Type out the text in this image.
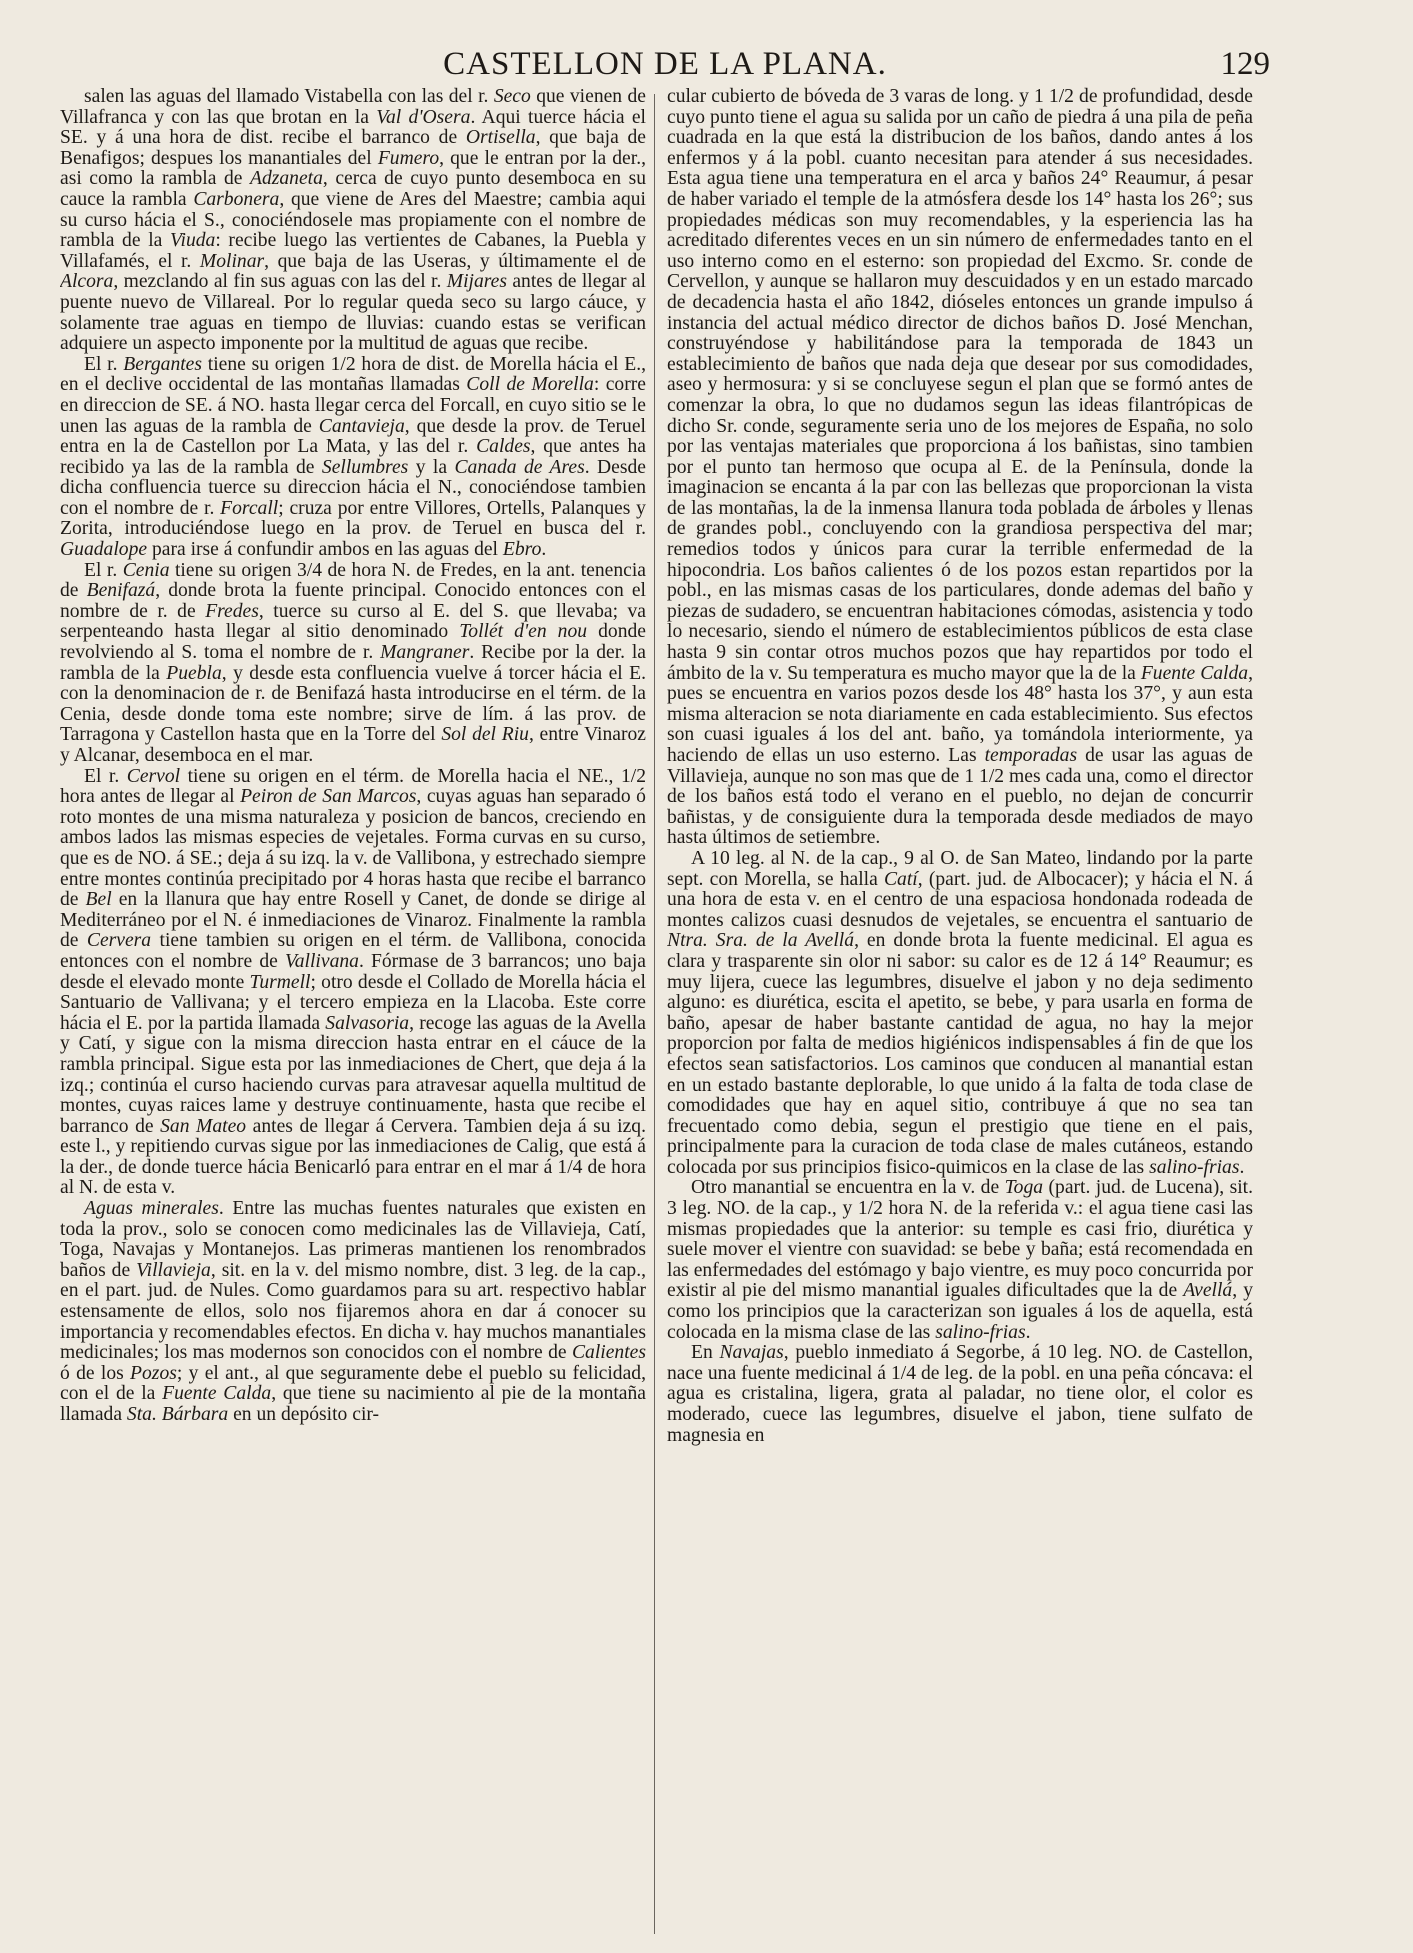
CASTELLON DE LA PLANA.	129

salen las aguas del llamado Vistabella con las del r. Seco que vienen de Villafranca y con las que brotan en la Val d'Osera. Aqui tuerce hácia el SE. y á una hora de dist. recibe el barranco de Ortisella, que baja de Benafigos; despues los manantiales del Fumero, que le entran por la der., asi como la rambla de Adzaneta, cerca de cuyo punto desemboca en su cauce la rambla Carbonera, que viene de Ares del Maestre; cambia aqui su curso hácia el S., conociéndosele mas propiamente con el nombre de rambla de la Viuda: recibe luego las vertientes de Cabanes, la Puebla y Villafamés, el r. Molinar, que baja de las Useras, y últimamente el de Alcora, mezclando al fin sus aguas con las del r. Mijares antes de llegar al puente nuevo de Villareal. Por lo regular queda seco su largo cáuce, y solamente trae aguas en tiempo de lluvias: cuando estas se verifican adquiere un aspecto imponente por la multitud de aguas que recibe.

El r. Bergantes tiene su origen 1/2 hora de dist. de Morella hácia el E., en el declive occidental de las montañas llamadas Coll de Morella: corre en direccion de SE. á NO. hasta llegar cerca del Forcall, en cuyo sitio se le unen las aguas de la rambla de Cantavieja, que desde la prov. de Teruel entra en la de Castellon por La Mata, y las del r. Caldes, que antes ha recibido ya las de la rambla de Sellumbres y la Canada de Ares. Desde dicha confluencia tuerce su direccion hácia el N., conociéndose tambien con el nombre de r. Forcall; cruza por entre Villores, Ortells, Palanques y Zorita, introduciéndose luego en la prov. de Teruel en busca del r. Guadalope para irse á confundir ambos en las aguas del Ebro.

El r. Cenia tiene su origen 3/4 de hora N. de Fredes, en la ant. tenencia de Benifazá, donde brota la fuente principal. Conocido entonces con el nombre de r. de Fredes, tuerce su curso al E. del S. que llevaba; va serpenteando hasta llegar al sitio denominado Tollét d'en nou donde revolviendo al S. toma el nombre de r. Mangraner. Recibe por la der. la rambla de la Puebla, y desde esta confluencia vuelve á torcer hácia el E. con la denominacion de r. de Benifazá hasta introducirse en el térm. de la Cenia, desde donde toma este nombre; sirve de lím. á las prov. de Tarragona y Castellon hasta que en la Torre del Sol del Riu, entre Vinaroz y Alcanar, desemboca en el mar.

El r. Cervol tiene su origen en el térm. de Morella hacia el NE., 1/2 hora antes de llegar al Peiron de San Marcos, cuyas aguas han separado ó roto montes de una misma naturaleza y posicion de bancos, creciendo en ambos lados las mismas especies de vejetales. Forma curvas en su curso, que es de NO. á SE.; deja á su izq. la v. de Vallibona, y estrechado siempre entre montes continúa precipitado por 4 horas hasta que recibe el barranco de Bel en la llanura que hay entre Rosell y Canet, de donde se dirige al Mediterráneo por el N. é inmediaciones de Vinaroz. Finalmente la rambla de Cervera tiene tambien su origen en el térm. de Vallibona, conocida entonces con el nombre de Vallivana. Fórmase de 3 barrancos; uno baja desde el elevado monte Turmell; otro desde el Collado de Morella hácia el Santuario de Vallivana; y el tercero empieza en la Llacoba. Este corre hácia el E. por la partida llamada Salvasoria, recoge las aguas de la Avella y Catí, y sigue con la misma direccion hasta entrar en el cáuce de la rambla principal. Sigue esta por las inmediaciones de Chert, que deja á la izq.; continúa el curso haciendo curvas para atravesar aquella multitud de montes, cuyas raices lame y destruye continuamente, hasta que recibe el barranco de San Mateo antes de llegar á Cervera. Tambien deja á su izq. este l., y repitiendo curvas sigue por las inmediaciones de Calig, que está á la der., de donde tuerce hácia Benicarló para entrar en el mar á 1/4 de hora al N. de esta v.

Aguas minerales. Entre las muchas fuentes naturales que existen en toda la prov., solo se conocen como medicinales las de Villavieja, Catí, Toga, Navajas y Montanejos. Las primeras mantienen los renombrados baños de Villavieja, sit. en la v. del mismo nombre, dist. 3 leg. de la cap., en el part. jud. de Nules. Como guardamos para su art. respectivo hablar estensamente de ellos, solo nos fijaremos ahora en dar á conocer su importancia y recomendables efectos. En dicha v. hay muchos manantiales medicinales; los mas modernos son conocidos con el nombre de Calientes ó de los Pozos; y el ant., al que seguramente debe el pueblo su felicidad, con el de la Fuente Calda, que tiene su nacimiento al pie de la montaña llamada Sta. Bárbara en un depósito cir-

cular cubierto de bóveda de 3 varas de long. y 1 1/2 de profundidad, desde cuyo punto tiene el agua su salida por un caño de piedra á una pila de peña cuadrada en la que está la distribucion de los baños, dando antes á los enfermos y á la pobl. cuanto necesitan para atender á sus necesidades. Esta agua tiene una temperatura en el arca y baños 24° Reaumur, á pesar de haber variado el temple de la atmósfera desde los 14° hasta los 26°; sus propiedades médicas son muy recomendables, y la esperiencia las ha acreditado diferentes veces en un sin número de enfermedades tanto en el uso interno como en el esterno: son propiedad del Excmo. Sr. conde de Cervellon, y aunque se hallaron muy descuidados y en un estado marcado de decadencia hasta el año 1842, dióseles entonces un grande impulso á instancia del actual médico director de dichos baños D. José Menchan, construyéndose y habilitándose para la temporada de 1843 un establecimiento de baños que nada deja que desear por sus comodidades, aseo y hermosura: y si se concluyese segun el plan que se formó antes de comenzar la obra, lo que no dudamos segun las ideas filantrópicas de dicho Sr. conde, seguramente seria uno de los mejores de España, no solo por las ventajas materiales que proporciona á los bañistas, sino tambien por el punto tan hermoso que ocupa al E. de la Península, donde la imaginacion se encanta á la par con las bellezas que proporcionan la vista de las montañas, la de la inmensa llanura toda poblada de árboles y llenas de grandes pobl., concluyendo con la grandiosa perspectiva del mar; remedios todos y únicos para curar la terrible enfermedad de la hipocondria. Los baños calientes ó de los pozos estan repartidos por la pobl., en las mismas casas de los particulares, donde ademas del baño y piezas de sudadero, se encuentran habitaciones cómodas, asistencia y todo lo necesario, siendo el número de establecimientos públicos de esta clase hasta 9 sin contar otros muchos pozos que hay repartidos por todo el ámbito de la v. Su temperatura es mucho mayor que la de la Fuente Calda, pues se encuentra en varios pozos desde los 48° hasta los 37°, y aun esta misma alteracion se nota diariamente en cada establecimiento. Sus efectos son cuasi iguales á los del ant. baño, ya tomándola interiormente, ya haciendo de ellas un uso esterno. Las temporadas de usar las aguas de Villavieja, aunque no son mas que de 1 1/2 mes cada una, como el director de los baños está todo el verano en el pueblo, no dejan de concurrir bañistas, y de consiguiente dura la temporada desde mediados de mayo hasta últimos de setiembre.

A 10 leg. al N. de la cap., 9 al O. de San Mateo, lindando por la parte sept. con Morella, se halla Catí, (part. jud. de Albocacer); y hácia el N. á una hora de esta v. en el centro de una espaciosa hondonada rodeada de montes calizos cuasi desnudos de vejetales, se encuentra el santuario de Ntra. Sra. de la Avellá, en donde brota la fuente medicinal. El agua es clara y trasparente sin olor ni sabor: su calor es de 12 á 14° Reaumur; es muy lijera, cuece las legumbres, disuelve el jabon y no deja sedimento alguno: es diurética, escita el apetito, se bebe, y para usarla en forma de baño, apesar de haber bastante cantidad de agua, no hay la mejor proporcion por falta de medios higiénicos indispensables á fin de que los efectos sean satisfactorios. Los caminos que conducen al manantial estan en un estado bastante deplorable, lo que unido á la falta de toda clase de comodidades que hay en aquel sitio, contribuye á que no sea tan frecuentado como debia, segun el prestigio que tiene en el pais, principalmente para la curacion de toda clase de males cutáneos, estando colocada por sus principios fisico-quimicos en la clase de las salino-frias.

Otro manantial se encuentra en la v. de Toga (part. jud. de Lucena), sit. 3 leg. NO. de la cap., y 1/2 hora N. de la referida v.: el agua tiene casi las mismas propiedades que la anterior: su temple es casi frio, diurética y suele mover el vientre con suavidad: se bebe y baña; está recomendada en las enfermedades del estómago y bajo vientre, es muy poco concurrida por existir al pie del mismo manantial iguales dificultades que la de Avellá, y como los principios que la caracterizan son iguales á los de aquella, está colocada en la misma clase de las salino-frias.

En Navajas, pueblo inmediato á Segorbe, á 10 leg. NO. de Castellon, nace una fuente medicinal á 1/4 de leg. de la pobl. en una peña cóncava: el agua es cristalina, ligera, grata al paladar, no tiene olor, el color es moderado, cuece las legumbres, disuelve el jabon, tiene sulfato de magnesia en
